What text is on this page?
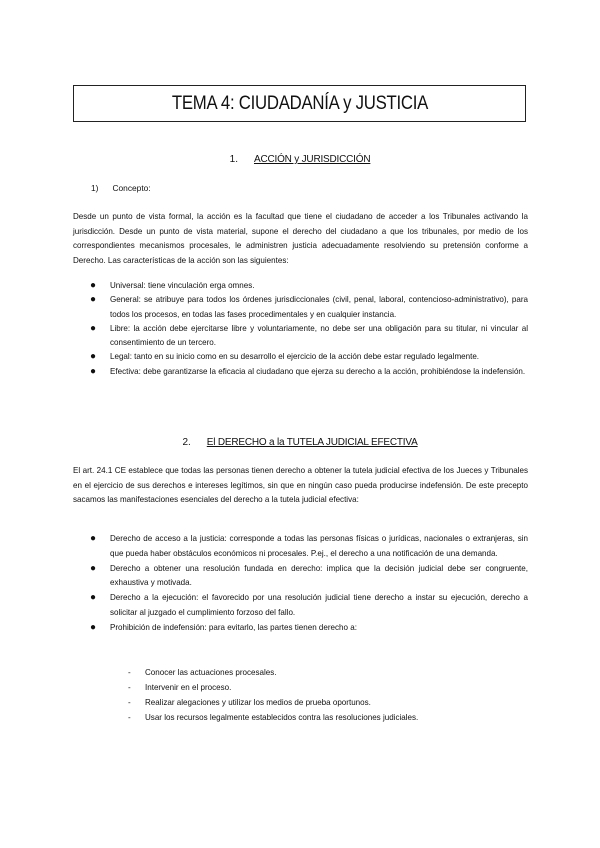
TEMA 4: CIUDADANÍA y JUSTICIA
1. ACCIÓN y JURISDICCIÓN
1) Concepto:

Desde un punto de vista formal, la acción es la facultad que tiene el ciudadano de acceder a los Tribunales activando la jurisdicción. Desde un punto de vista material, supone el derecho del ciudadano a que los tribunales, por medio de los correspondientes mecanismos procesales, le administren justicia adecuadamente resolviendo su pretensión conforme a Derecho. Las características de la acción son las siguientes:

● Universal: tiene vinculación erga omnes.
● General: se atribuye para todos los órdenes jurisdiccionales (civil, penal, laboral, contencioso-administrativo), para todos los procesos, en todas las fases procedimentales y en cualquier instancia.
● Libre: la acción debe ejercitarse libre y voluntariamente, no debe ser una obligación para su titular, ni vincular al consentimiento de un tercero.
● Legal: tanto en su inicio como en su desarrollo el ejercicio de la acción debe estar regulado legalmente.
● Efectiva: debe garantizarse la eficacia al ciudadano que ejerza su derecho a la acción, prohibiéndose la indefensión.
2. El DERECHO a la TUTELA JUDICIAL EFECTIVA

El art. 24.1 CE establece que todas las personas tienen derecho a obtener la tutela judicial efectiva de los Jueces y Tribunales en el ejercicio de sus derechos e intereses legítimos, sin que en ningún caso pueda producirse indefensión. De este precepto sacamos las manifestaciones esenciales del derecho a la tutela judicial efectiva:

● Derecho de acceso a la justicia: corresponde a todas las personas físicas o jurídicas, nacionales o extranjeras, sin que pueda haber obstáculos económicos ni procesales. P.ej., el derecho a una notificación de una demanda.
● Derecho a obtener una resolución fundada en derecho: implica que la decisión judicial debe ser congruente, exhaustiva y motivada.
● Derecho a la ejecución: el favorecido por una resolución judicial tiene derecho a instar su ejecución, derecho a solicitar al juzgado el cumplimiento forzoso del fallo.
● Prohibición de indefensión: para evitarlo, las partes tienen derecho a:
- Conocer las actuaciones procesales.
- Intervenir en el proceso.
- Realizar alegaciones y utilizar los medios de prueba oportunos.
- Usar los recursos legalmente establecidos contra las resoluciones judiciales.
